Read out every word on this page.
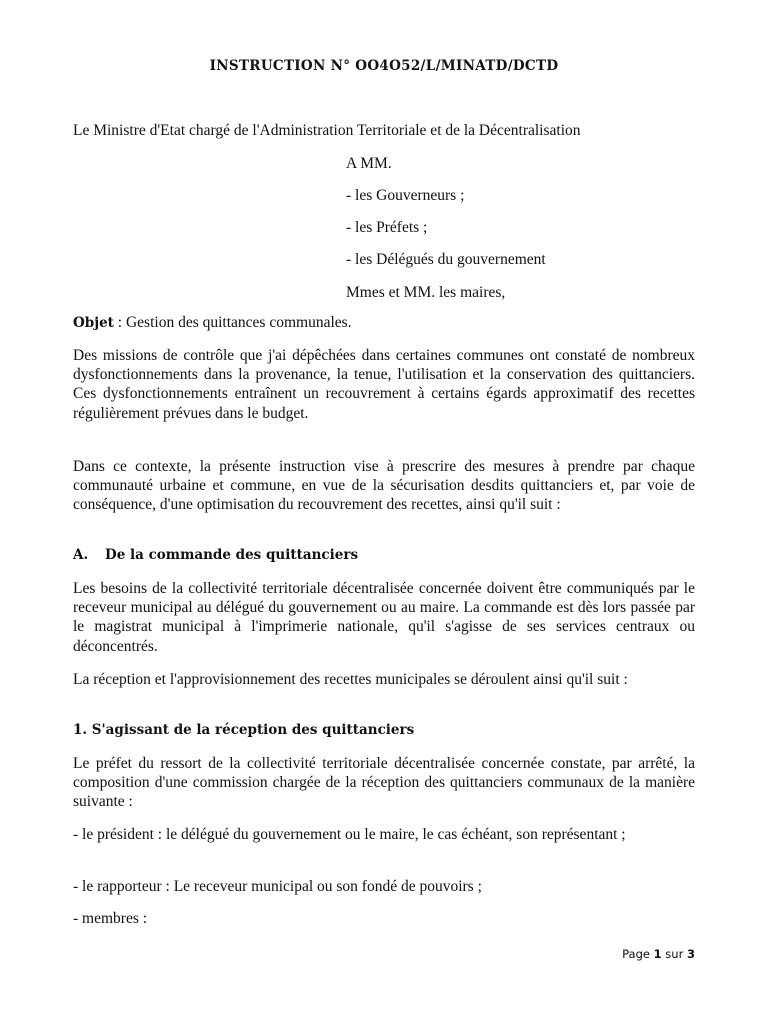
INSTRUCTION N° OO4O52/L/MINATD/DCTD
Le Ministre d'Etat chargé de l'Administration Territoriale et de la Décentralisation
A MM.
- les Gouverneurs ;
- les Préfets ;
- les Délégués du gouvernement
Mmes et MM. les maires,
Objet : Gestion des quittances communales.

Des missions de contrôle que j'ai dépêchées dans certaines communes ont constaté de nombreux dysfonctionnements dans la provenance, la tenue, l'utilisation et la conservation des quittanciers. Ces dysfonctionnements entraînent un recouvrement à certains égards approximatif des recettes régulièrement prévues dans le budget.

Dans ce contexte, la présente instruction vise à prescrire des mesures à prendre par chaque communauté urbaine et commune, en vue de la sécurisation desdits quittanciers et, par voie de conséquence, d'une optimisation du recouvrement des recettes, ainsi qu'il suit :

A. De la commande des quittanciers

Les besoins de la collectivité territoriale décentralisée concernée doivent être communiqués par le receveur municipal au délégué du gouvernement ou au maire. La commande est dès lors passée par le magistrat municipal à l'imprimerie nationale, qu'il s'agisse de ses services centraux ou déconcentrés.

La réception et l'approvisionnement des recettes municipales se déroulent ainsi qu'il suit :

1. S'agissant de la réception des quittanciers

Le préfet du ressort de la collectivité territoriale décentralisée concernée constate, par arrêté, la composition d'une commission chargée de la réception des quittanciers communaux de la manière suivante :

- le président : le délégué du gouvernement ou le maire, le cas échéant, son représentant ;

- le rapporteur : Le receveur municipal ou son fondé de pouvoirs ;

- membres :

Page 1 sur 3
